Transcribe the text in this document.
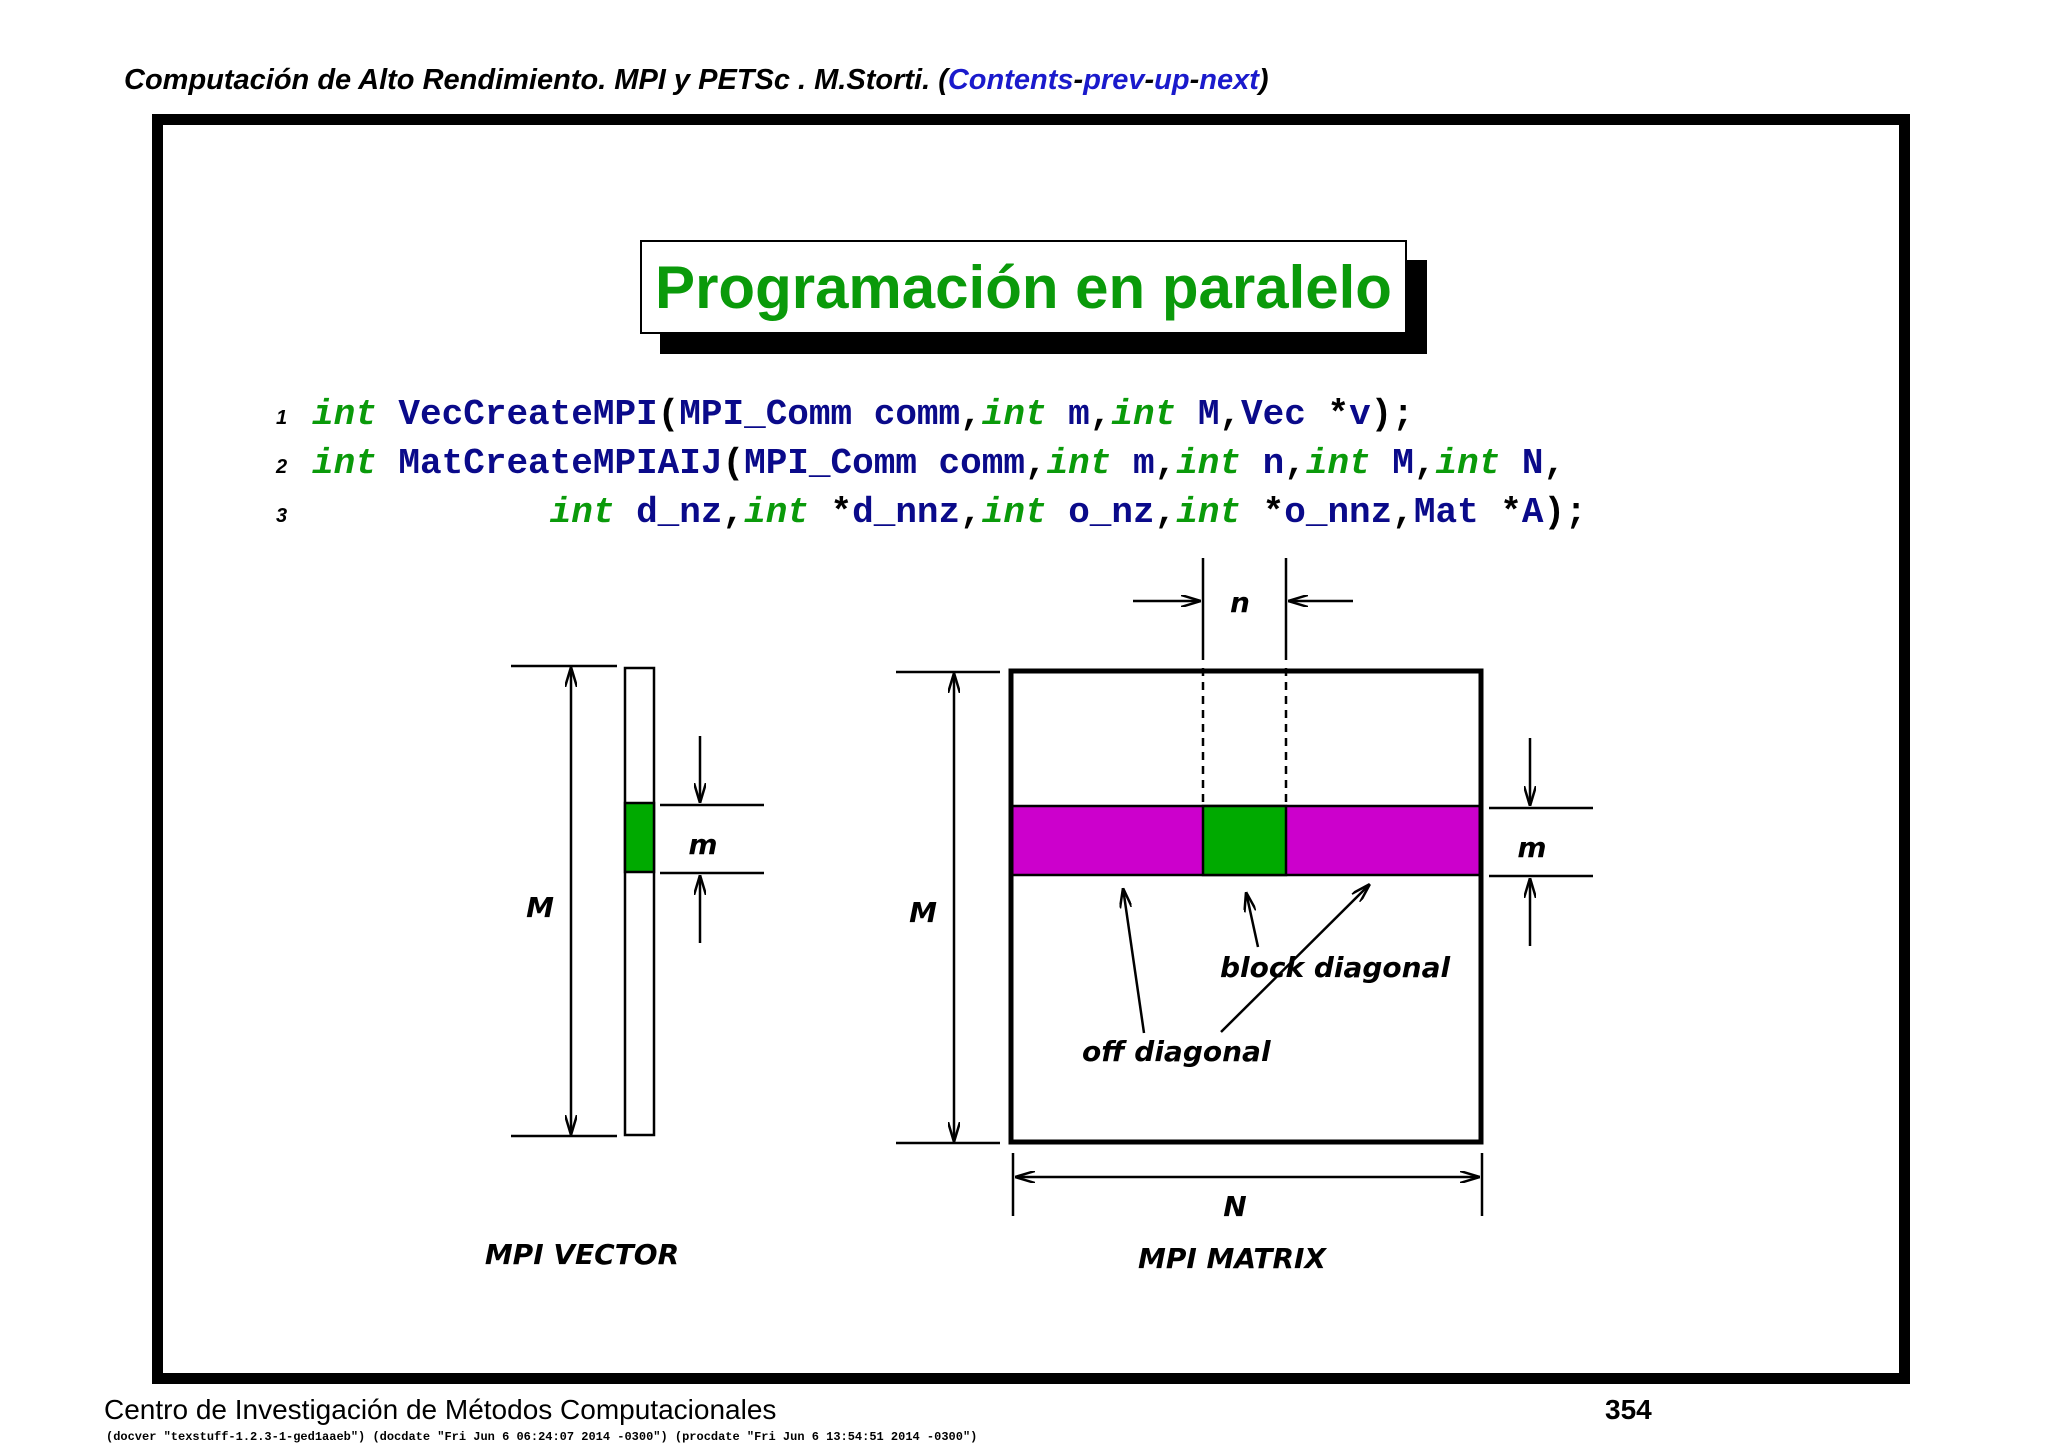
Computación de Alto Rendimiento. MPI y PETSc . M.Storti. (Contents-prev-up-next)
Programación en paralelo
1 int VecCreateMPI(MPI_Comm comm,int m,int M,Vec *v);
2 int MatCreateMPIAIJ(MPI_Comm comm,int m,int n,int M,int N,
3	int d_nz,int *d_nnz,int o_nz,int *o_nnz,Mat *A);
M
m
MPI VECTOR
n
M
m
N
block diagonal
off diagonal
MPI MATRIX
Centro de Investigación de Métodos Computacionales	354
(docver "texstuff-1.2.3-1-ged1aaeb") (docdate "Fri Jun 6 06:24:07 2014 -0300") (procdate "Fri Jun 6 13:54:51 2014 -0300")
